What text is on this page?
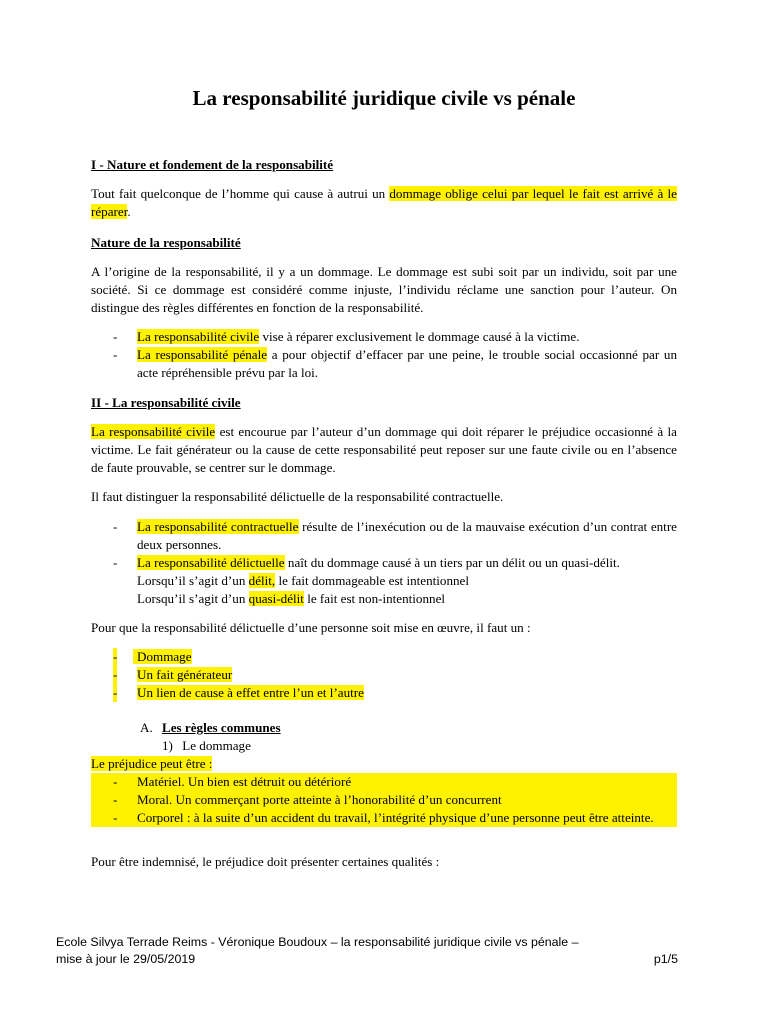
La responsabilité juridique civile vs pénale
I - Nature et fondement de la responsabilité
Tout fait quelconque de l’homme qui cause à autrui un dommage oblige celui par lequel le fait est arrivé à le réparer.
Nature de la responsabilité
A l’origine de la responsabilité, il y a un dommage. Le dommage est subi soit par un individu, soit par une société. Si ce dommage est considéré comme injuste, l’individu réclame une sanction pour l’auteur. On distingue des règles différentes en fonction de la responsabilité.
- La responsabilité civile vise à réparer exclusivement le dommage causé à la victime.
- La responsabilité pénale a pour objectif d’effacer par une peine, le trouble social occasionné par un acte répréhensible prévu par la loi.
II - La responsabilité civile
La responsabilité civile est encourue par l’auteur d’un dommage qui doit réparer le préjudice occasionné à la victime. Le fait générateur ou la cause de cette responsabilité peut reposer sur une faute civile ou en l’absence de faute prouvable, se centrer sur le dommage.
Il faut distinguer la responsabilité délictuelle de la responsabilité contractuelle.
- La responsabilité contractuelle résulte de l’inexécution ou de la mauvaise exécution d’un contrat entre deux personnes.
- La responsabilité délictuelle naît du dommage causé à un tiers par un délit ou un quasi-délit.
Lorsqu’il s’agit d’un délit, le fait dommageable est intentionnel
Lorsqu’il s’agit d’un quasi-délit le fait est non-intentionnel
Pour que la responsabilité délictuelle d’une personne soit mise en œuvre, il faut un :
- Dommage
- Un fait générateur
- Un lien de cause à effet entre l’un et l’autre
A. Les règles communes
1) Le dommage
Le préjudice peut être :
- Matériel. Un bien est détruit ou détérioré
- Moral. Un commerçant porte atteinte à l’honorabilité d’un concurrent
- Corporel : à la suite d’un accident du travail, l’intégrité physique d’une personne peut être atteinte.
Pour être indemnisé, le préjudice doit présenter certaines qualités :
Ecole Silvya Terrade Reims - Véronique Boudoux – la responsabilité juridique civile vs pénale –
mise à jour le 29/05/2019	p1/5
